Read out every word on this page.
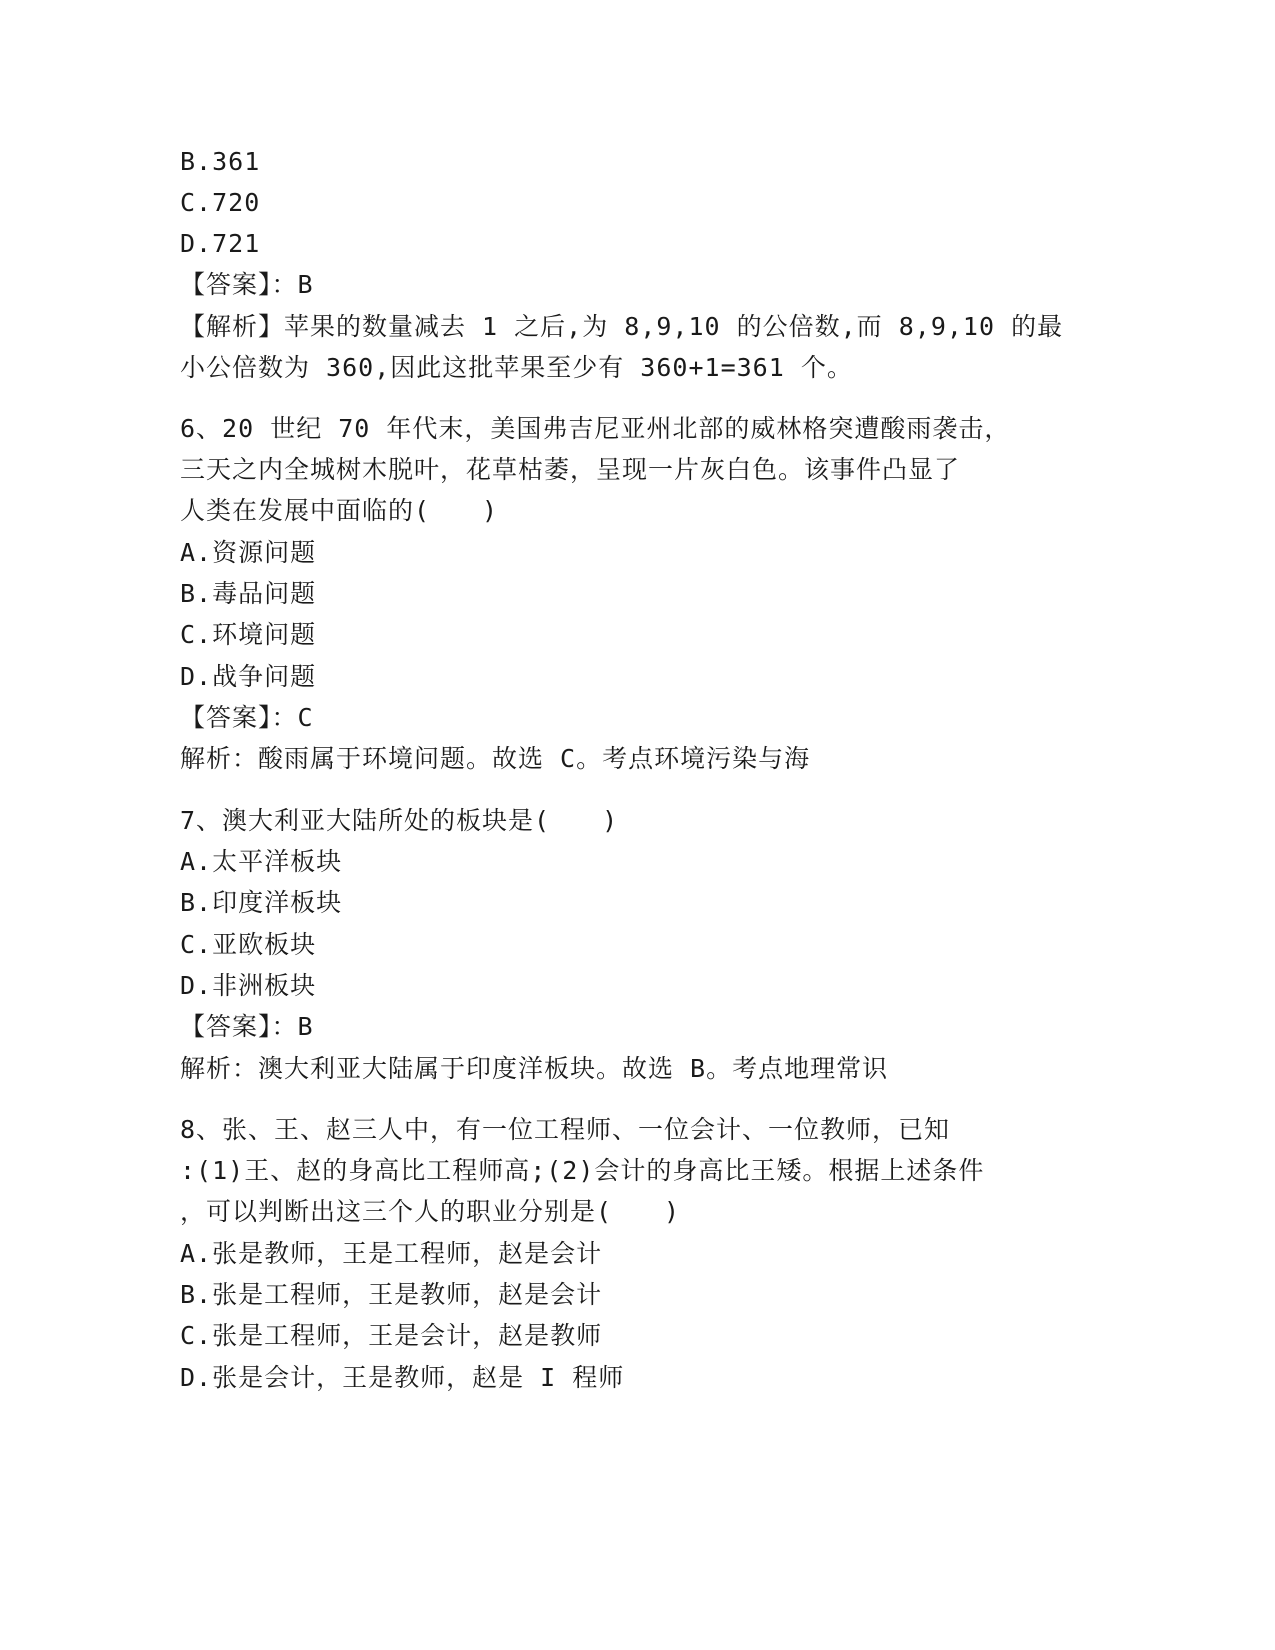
B.361
C.720
D.721
【答案】：B
【解析】苹果的数量减去 1 之后,为 8,9,10 的公倍数,而 8,9,10 的最
小公倍数为 360,因此这批苹果至少有 360+1=361 个。
6、20 世纪 70 年代末，美国弗吉尼亚州北部的威林格突遭酸雨袭击，
三天之内全城树木脱叶，花草枯萎，呈现一片灰白色。该事件凸显了
人类在发展中面临的(　　)
A.资源问题
B.毒品问题
C.环境问题
D.战争问题
【答案】：C
解析：酸雨属于环境问题。故选 C。考点环境污染与海
7、澳大利亚大陆所处的板块是(　　)
A.太平洋板块
B.印度洋板块
C.亚欧板块
D.非洲板块
【答案】：B
解析：澳大利亚大陆属于印度洋板块。故选 B。考点地理常识
8、张、王、赵三人中，有一位工程师、一位会计、一位教师，已知
:(1)王、赵的身高比工程师高;(2)会计的身高比王矮。根据上述条件
，可以判断出这三个人的职业分别是(　　)
A.张是教师，王是工程师，赵是会计
B.张是工程师，王是教师，赵是会计
C.张是工程师，王是会计，赵是教师
D.张是会计，王是教师，赵是 I 程师
